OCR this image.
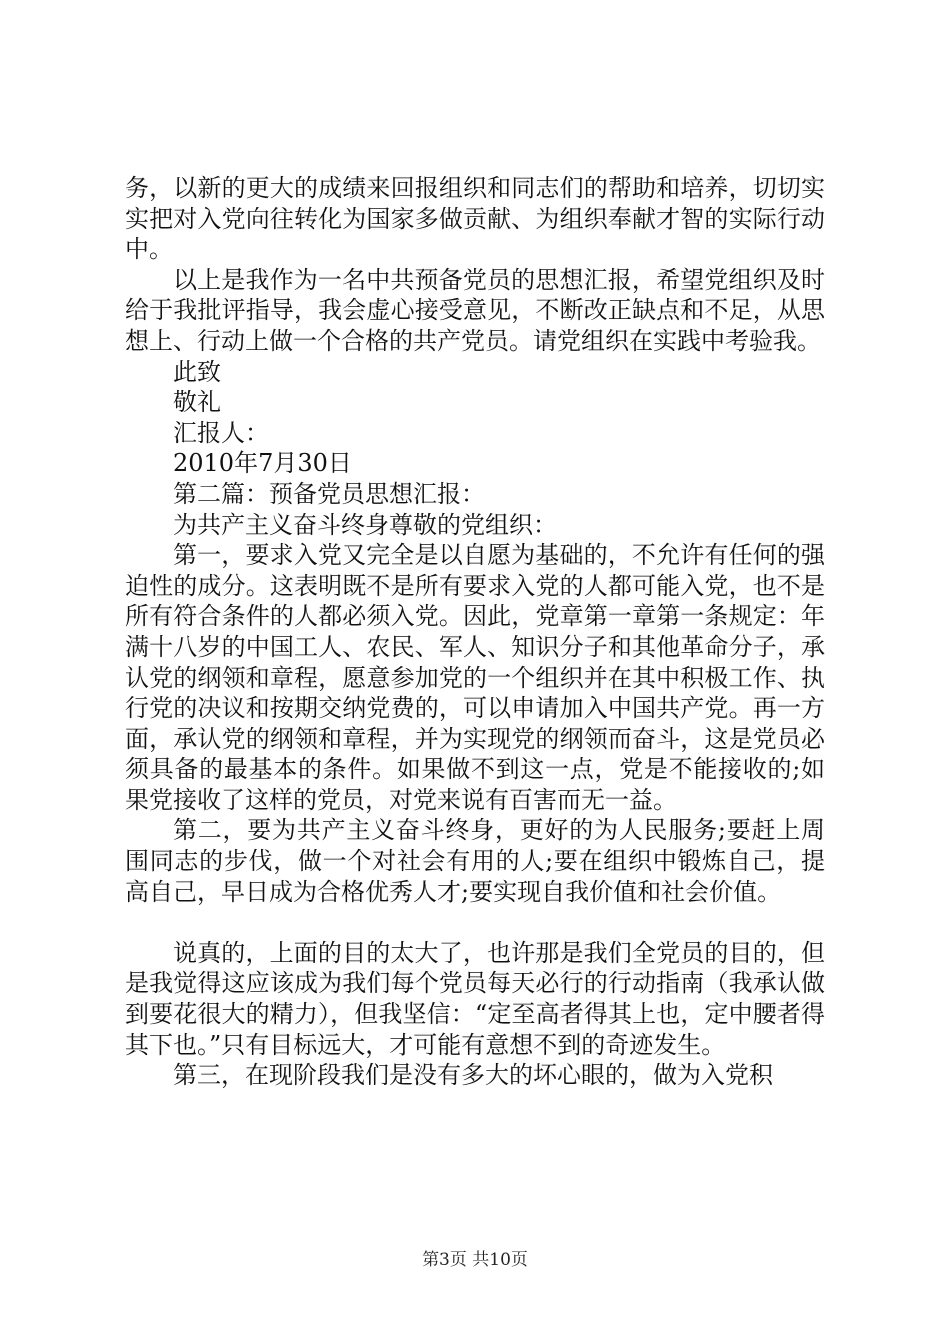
务，以新的更大的成绩来回报组织和同志们的帮助和培养，切切实实把对入党向往转化为国家多做贡献、为组织奉献才智的实际行动中。

以上是我作为一名中共预备党员的思想汇报，希望党组织及时给于我批评指导，我会虚心接受意见，不断改正缺点和不足，从思想上、行动上做一个合格的共产党员。请党组织在实践中考验我。

此致

敬礼

汇报人：

2010年7月30日

第二篇：预备党员思想汇报：

为共产主义奋斗终身尊敬的党组织：

第一，要求入党又完全是以自愿为基础的，不允许有任何的强迫性的成分。这表明既不是所有要求入党的人都可能入党，也不是所有符合条件的人都必须入党。因此，党章第一章第一条规定：年满十八岁的中国工人、农民、军人、知识分子和其他革命分子，承认党的纲领和章程，愿意参加党的一个组织并在其中积极工作、执行党的决议和按期交纳党费的，可以申请加入中国共产党。再一方面，承认党的纲领和章程，并为实现党的纲领而奋斗，这是党员必须具备的最基本的条件。如果做不到这一点，党是不能接收的;如果党接收了这样的党员，对党来说有百害而无一益。

第二，要为共产主义奋斗终身，更好的为人民服务;要赶上周围同志的步伐，做一个对社会有用的人;要在组织中锻炼自己，提高自己，早日成为合格优秀人才;要实现自我价值和社会价值。

说真的，上面的目的太大了，也许那是我们全党员的目的，但是我觉得这应该成为我们每个党员每天必行的行动指南（我承认做到要花很大的精力），但我坚信：“定至高者得其上也，定中腰者得其下也。”只有目标远大，才可能有意想不到的奇迹发生。

第三，在现阶段我们是没有多大的坏心眼的，做为入党积

第3页 共10页
